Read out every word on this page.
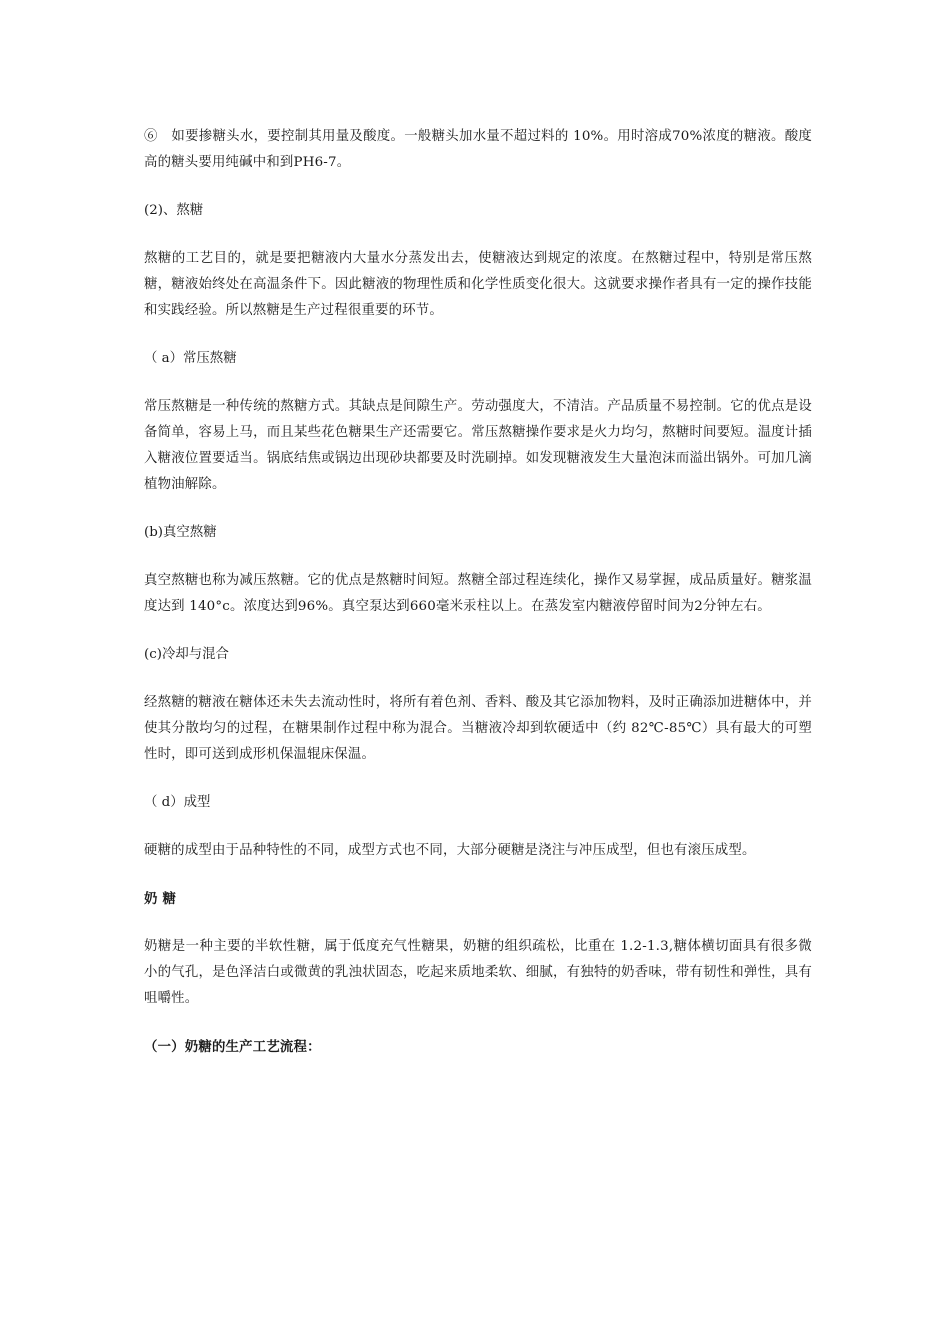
⑥　如要掺糖头水，要控制其用量及酸度。一般糖头加水量不超过料的 10%。用时溶成70%浓度的糖液。酸度高的糖头要用纯碱中和到PH6-7。

(2)、熬糖

熬糖的工艺目的，就是要把糖液内大量水分蒸发出去，使糖液达到规定的浓度。在熬糖过程中，特别是常压熬糖，糖液始终处在高温条件下。因此糖液的物理性质和化学性质变化很大。这就要求操作者具有一定的操作技能和实践经验。所以熬糖是生产过程很重要的环节。

（ a）常压熬糖

常压熬糖是一种传统的熬糖方式。其缺点是间隙生产。劳动强度大，不清洁。产品质量不易控制。它的优点是设备简单，容易上马，而且某些花色糖果生产还需要它。常压熬糖操作要求是火力均匀，熬糖时间要短。温度计插入糖液位置要适当。锅底结焦或锅边出现砂块都要及时洗刷掉。如发现糖液发生大量泡沫而溢出锅外。可加几滴植物油解除。

(b)真空熬糖

真空熬糖也称为减压熬糖。它的优点是熬糖时间短。熬糖全部过程连续化，操作又易掌握，成品质量好。糖浆温度达到 140°c。浓度达到96%。真空泵达到660毫米汞柱以上。在蒸发室内糖液停留时间为2分钟左右。

(c)冷却与混合

经熬糖的糖液在糖体还未失去流动性时，将所有着色剂、香料、酸及其它添加物料，及时正确添加进糖体中，并使其分散均匀的过程，在糖果制作过程中称为混合。当糖液冷却到软硬适中（约 82℃-85℃）具有最大的可塑性时，即可送到成形机保温辊床保温。

（ d）成型

硬糖的成型由于品种特性的不同，成型方式也不同，大部分硬糖是浇注与冲压成型，但也有滚压成型。

奶 糖

奶糖是一种主要的半软性糖，属于低度充气性糖果，奶糖的组织疏松，比重在 1.2-1.3,糖体横切面具有很多微小的气孔，是色泽洁白或微黄的乳浊状固态，吃起来质地柔软、细腻，有独特的奶香味，带有韧性和弹性，具有咀嚼性。

（一）奶糖的生产工艺流程：
